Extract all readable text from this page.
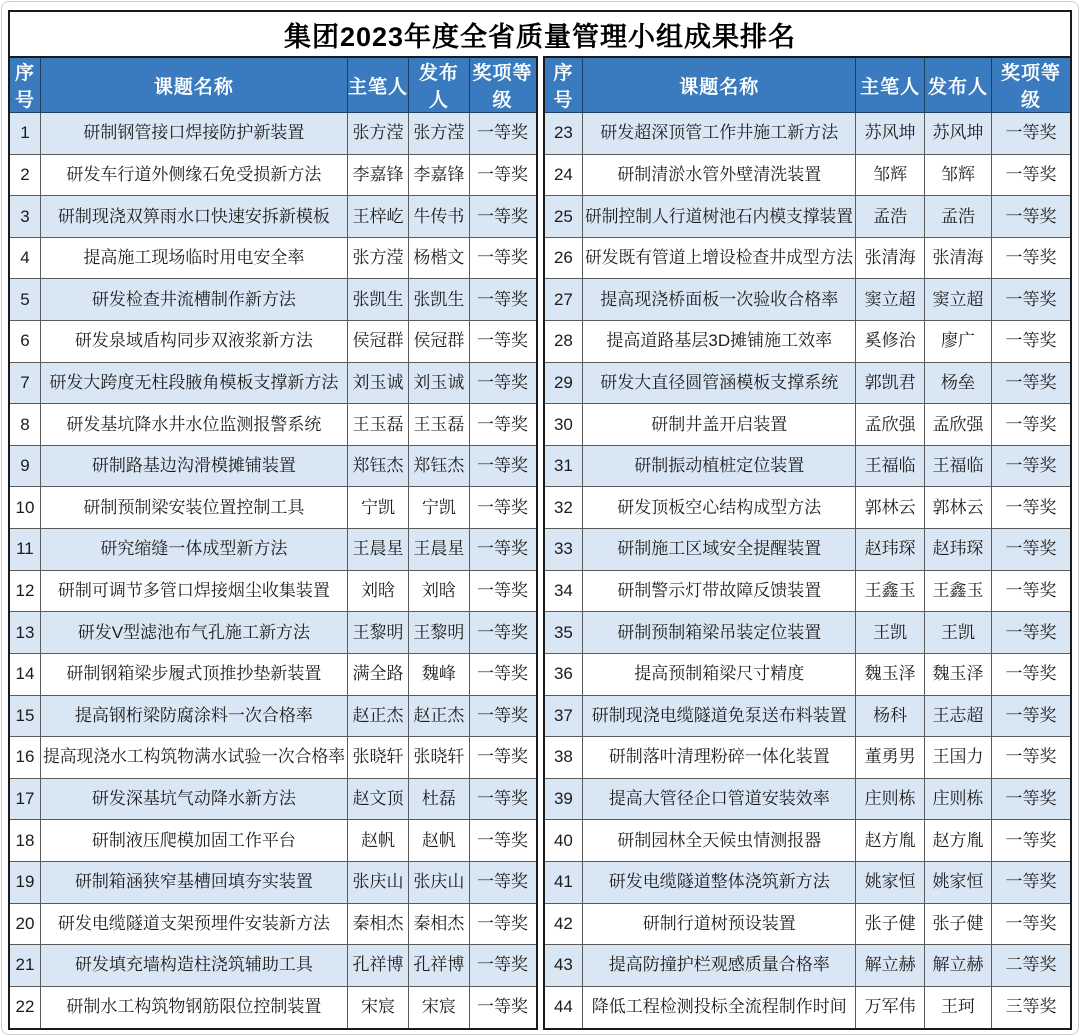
集团2023年度全省质量管理小组成果排名
序号	课题名称	主笔人	发布人	奖项等级
1	研制钢管接口焊接防护新装置	张方滢	张方滢	一等奖
2	研发车行道外侧缘石免受损新方法	李嘉锋	李嘉锋	一等奖
3	研制现浇双箅雨水口快速安拆新模板	王梓屹	牛传书	一等奖
4	提高施工现场临时用电安全率	张方滢	杨楷文	一等奖
5	研发检查井流槽制作新方法	张凯生	张凯生	一等奖
6	研发泉域盾构同步双液浆新方法	侯冠群	侯冠群	一等奖
7	研发大跨度无柱段腋角模板支撑新方法	刘玉诚	刘玉诚	一等奖
8	研发基坑降水井水位监测报警系统	王玉磊	王玉磊	一等奖
9	研制路基边沟滑模摊铺装置	郑钰杰	郑钰杰	一等奖
10	研制预制梁安装位置控制工具	宁凯	宁凯	一等奖
11	研究缩缝一体成型新方法	王晨星	王晨星	一等奖
12	研制可调节多管口焊接烟尘收集装置	刘晗	刘晗	一等奖
13	研发V型滤池布气孔施工新方法	王黎明	王黎明	一等奖
14	研制钢箱梁步履式顶推抄垫新装置	满全路	魏峰	一等奖
15	提高钢桁梁防腐涂料一次合格率	赵正杰	赵正杰	一等奖
16	提高现浇水工构筑物满水试验一次合格率	张晓轩	张晓轩	一等奖
17	研发深基坑气动降水新方法	赵文顶	杜磊	一等奖
18	研制液压爬模加固工作平台	赵帆	赵帆	一等奖
19	研制箱涵狭窄基槽回填夯实装置	张庆山	张庆山	一等奖
20	研发电缆隧道支架预埋件安装新方法	秦相杰	秦相杰	一等奖
21	研发填充墙构造柱浇筑辅助工具	孔祥博	孔祥博	一等奖
22	研制水工构筑物钢筋限位控制装置	宋宸	宋宸	一等奖
序号	课题名称	主笔人	发布人	奖项等级
23	研发超深顶管工作井施工新方法	苏风坤	苏风坤	一等奖
24	研制清淤水管外壁清洗装置	邹辉	邹辉	一等奖
25	研制控制人行道树池石内模支撑装置	孟浩	孟浩	一等奖
26	研发既有管道上增设检查井成型方法	张清海	张清海	一等奖
27	提高现浇桥面板一次验收合格率	窦立超	窦立超	一等奖
28	提高道路基层3D摊铺施工效率	奚修治	廖广	一等奖
29	研发大直径圆管涵模板支撑系统	郭凯君	杨垒	一等奖
30	研制井盖开启装置	孟欣强	孟欣强	一等奖
31	研制振动植桩定位装置	王福临	王福临	一等奖
32	研发顶板空心结构成型方法	郭林云	郭林云	一等奖
33	研制施工区域安全提醒装置	赵玮琛	赵玮琛	一等奖
34	研制警示灯带故障反馈装置	王鑫玉	王鑫玉	一等奖
35	研制预制箱梁吊装定位装置	王凯	王凯	一等奖
36	提高预制箱梁尺寸精度	魏玉泽	魏玉泽	一等奖
37	研制现浇电缆隧道免泵送布料装置	杨科	王志超	一等奖
38	研制落叶清理粉碎一体化装置	董勇男	王国力	一等奖
39	提高大管径企口管道安装效率	庄则栋	庄则栋	一等奖
40	研制园林全天候虫情测报器	赵方胤	赵方胤	一等奖
41	研发电缆隧道整体浇筑新方法	姚家恒	姚家恒	一等奖
42	研制行道树预设装置	张子健	张子健	一等奖
43	提高防撞护栏观感质量合格率	解立赫	解立赫	二等奖
44	降低工程检测投标全流程制作时间	万军伟	王珂	三等奖
